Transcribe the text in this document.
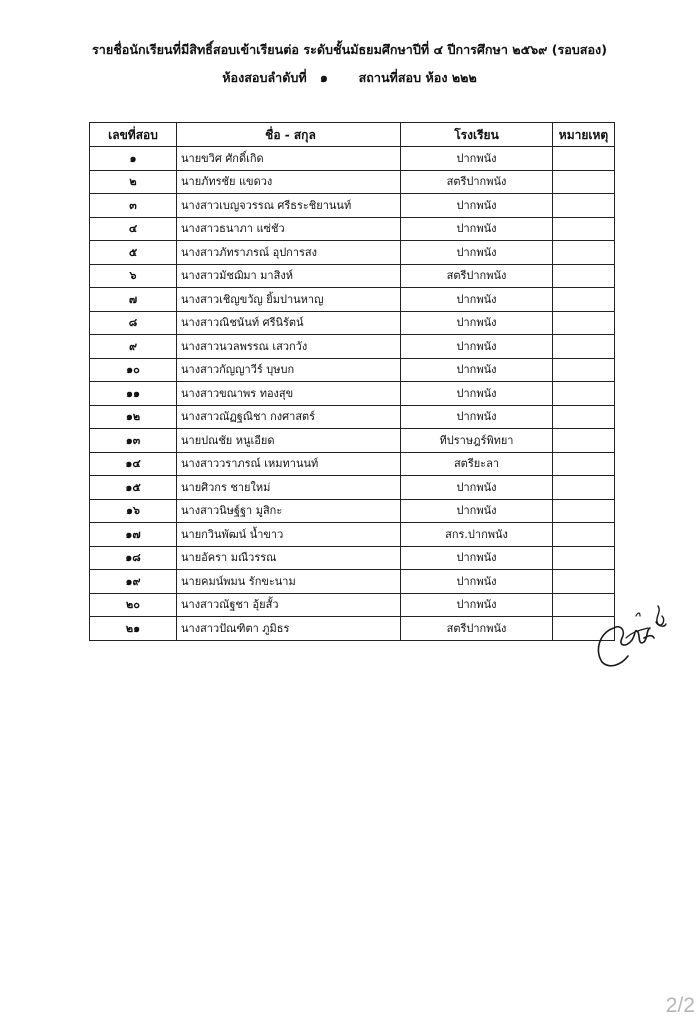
รายชื่อนักเรียนที่มีสิทธิ์สอบเข้าเรียนต่อ ระดับชั้นมัธยมศึกษาปีที่ ๔ ปีการศึกษา ๒๕๖๙ (รอบสอง)
ห้องสอบลำดับที่   ๑       สถานที่สอบ ห้อง ๒๒๒
เลขที่สอบ	ชื่อ - สกุล	โรงเรียน	หมายเหตุ
๑	นายขวิศ ศักดิ์เกิด	ปากพนัง	
๒	นายภัทรชัย แขดวง	สตรีปากพนัง	
๓	นางสาวเบญจวรรณ ศรีธระชิยานนท์	ปากพนัง	
๔	นางสาวธนาภา แซ่ชัว	ปากพนัง	
๕	นางสาวภัทราภรณ์ อุปการสง	ปากพนัง	
๖	นางสาวมัชฌิมา มาสิงห์	สตรีปากพนัง	
๗	นางสาวเชิญขวัญ ยิ้มปานหาญ	ปากพนัง	
๘	นางสาวณิชนันท์ ศรีนิรัตน์	ปากพนัง	
๙	นางสาวนวลพรรณ เสวกวัง	ปากพนัง	
๑๐	นางสาวกัญญาวีร์ บุษบก	ปากพนัง	
๑๑	นางสาวขณาพร ทองสุข	ปากพนัง	
๑๒	นางสาวณัฏฐณิชา กงศาสตร์	ปากพนัง	
๑๓	นายปณชัย หนูเอียด	ทีปราษฎร์พิทยา	
๑๔	นางสาววราภรณ์ เหมทานนท์	สตรียะลา	
๑๕	นายศิวกร ชายใหม่	ปากพนัง	
๑๖	นางสาวนิษฐ์ฐา มูสิกะ	ปากพนัง	
๑๗	นายกวินพัฒน์ น้ำขาว	สกร.ปากพนัง	
๑๘	นายอัครา มณีวรรณ	ปากพนัง	
๑๙	นายคมน์พมน รักขะนาม	ปากพนัง	
๒๐	นางสาวณัฐชา อุ้ยสั้ว	ปากพนัง	
๒๑	นางสาวปัณฑิตา ภูมิธร	สตรีปากพนัง	
2/2
